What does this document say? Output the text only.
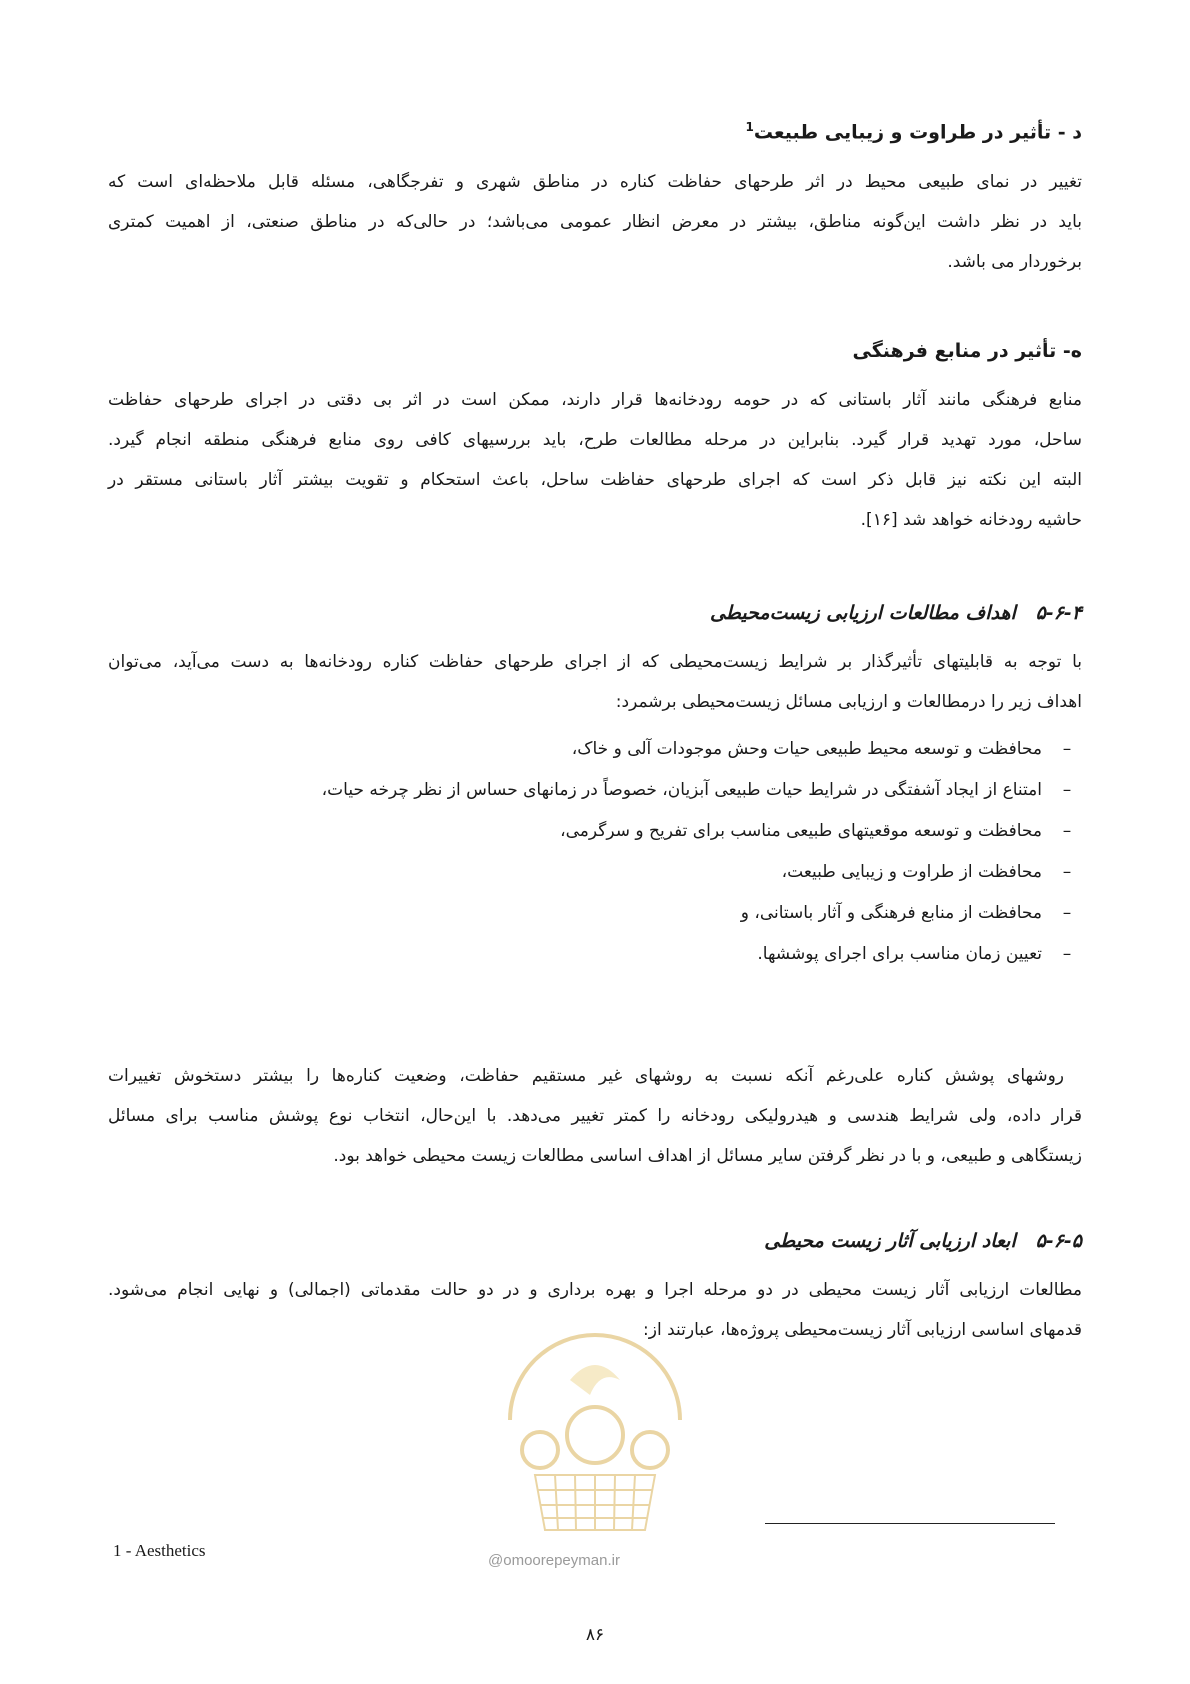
د - تأثیر در طراوت و زیبایی طبیعت$^1$
تغییر در نمای طبیعی محیط در اثر طرحهای حفاظت کناره در مناطق شهری و تفرجگاهی، مسئله قابل ملاحظه‌ای است که
باید در نظر داشت این‌گونه مناطق، بیشتر در معرض انظار عمومی می‌باشد؛ در حالی‌که در مناطق صنعتی، از اهمیت کمتری
برخوردار می باشد.
ه- تأثیر در منابع فرهنگی
منابع فرهنگی مانند آثار باستانی که در حومه رودخانه‌ها قرار دارند، ممکن است در اثر بی دقتی در اجرای طرحهای حفاظت
ساحل، مورد تهدید قرار گیرد. بنابراین در مرحله مطالعات طرح، باید بررسیهای کافی روی منابع فرهنگی منطقه انجام گیرد.
البته این نکته نیز قابل ذکر است که اجرای طرحهای حفاظت ساحل، باعث استحکام و تقویت بیشتر آثار باستانی مستقر در
حاشیه رودخانه خواهد شد [۱۶].
۵-۶-۴   اهداف مطالعات ارزیابی زیست‌محیطی
با توجه به قابلیتهای تأثیرگذار بر شرایط زیست‌محیطی که از اجرای طرحهای حفاظت کناره رودخانه‌ها به دست می‌آید، می‌توان
اهداف زیر را درمطالعات و ارزیابی مسائل زیست‌محیطی برشمرد:
–
محافظت و توسعه محیط طبیعی حیات وحش موجودات آلی و خاک،
–
امتناع از ایجاد آشفتگی در شرایط حیات طبیعی آبزیان، خصوصاً در زمانهای حساس از نظر چرخه حیات،
–
محافظت و توسعه موقعیتهای طبیعی مناسب برای تفریح و سرگرمی،
–
محافظت از طراوت و زیبایی طبیعت،
–
محافظت از منابع فرهنگی و آثار باستانی، و
–
تعیین زمان مناسب برای اجرای پوششها.
روشهای پوشش کناره علی‌رغم آنکه نسبت به روشهای غیر مستقیم حفاظت، وضعیت کناره‌ها را بیشتر دستخوش تغییرات
قرار داده، ولی شرایط هندسی و هیدرولیکی رودخانه را کمتر تغییر می‌دهد. با این‌حال، انتخاب نوع پوشش مناسب برای مسائل
زیستگاهی و طبیعی، و با در نظر گرفتن سایر مسائل از اهداف اساسی مطالعات زیست محیطی خواهد بود.
۵-۶-۵   ابعاد ارزیابی آثار زیست محیطی
مطالعات ارزیابی آثار زیست محیطی در دو مرحله اجرا و بهره برداری و در دو حالت مقدماتی (اجمالی) و نهایی انجام می‌شود.
قدمهای اساسی ارزیابی آثار زیست‌محیطی پروژه‌ها، عبارتند از:
@omoorepeyman.ir
1 - Aesthetics
۸۶
